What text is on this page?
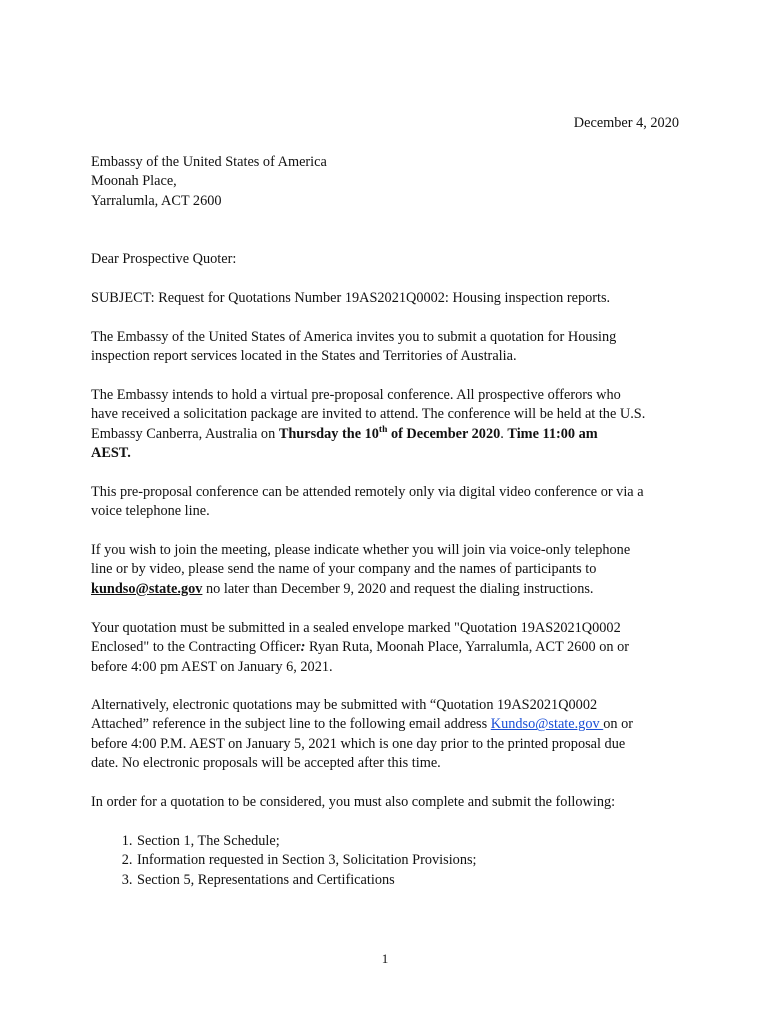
December 4, 2020

Embassy of the United States of America

Moonah Place,

Yarralumla, ACT 2600

Dear Prospective Quoter:

SUBJECT: Request for Quotations Number 19AS2021Q0002: Housing inspection reports.

The Embassy of the United States of America invites you to submit a quotation for Housing

inspection report services located in the States and Territories of Australia.

The Embassy intends to hold a virtual pre-proposal conference. All prospective offerors who

have received a solicitation package are invited to attend. The conference will be held at the U.S.

Embassy Canberra, Australia on Thursday the 10th of December 2020. Time 11:00 am

AEST.

This pre-proposal conference can be attended remotely only via digital video conference or via a

voice telephone line.

If you wish to join the meeting, please indicate whether you will join via voice-only telephone

line or by video, please send the name of your company and the names of participants to

kundso@state.gov no later than December 9, 2020 and request the dialing instructions.

Your quotation must be submitted in a sealed envelope marked "Quotation 19AS2021Q0002

Enclosed" to the Contracting Officer: Ryan Ruta, Moonah Place, Yarralumla, ACT 2600 on or

before 4:00 pm AEST on January 6, 2021.

Alternatively, electronic quotations may be submitted with “Quotation 19AS2021Q0002

Attached” reference in the subject line to the following email address Kundso@state.gov on or

before 4:00 P.M. AEST on January 5, 2021 which is one day prior to the printed proposal due

date. No electronic proposals will be accepted after this time.

In order for a quotation to be considered, you must also complete and submit the following:

1. Section 1, The Schedule;
2. Information requested in Section 3, Solicitation Provisions;
3. Section 5, Representations and Certifications
1
